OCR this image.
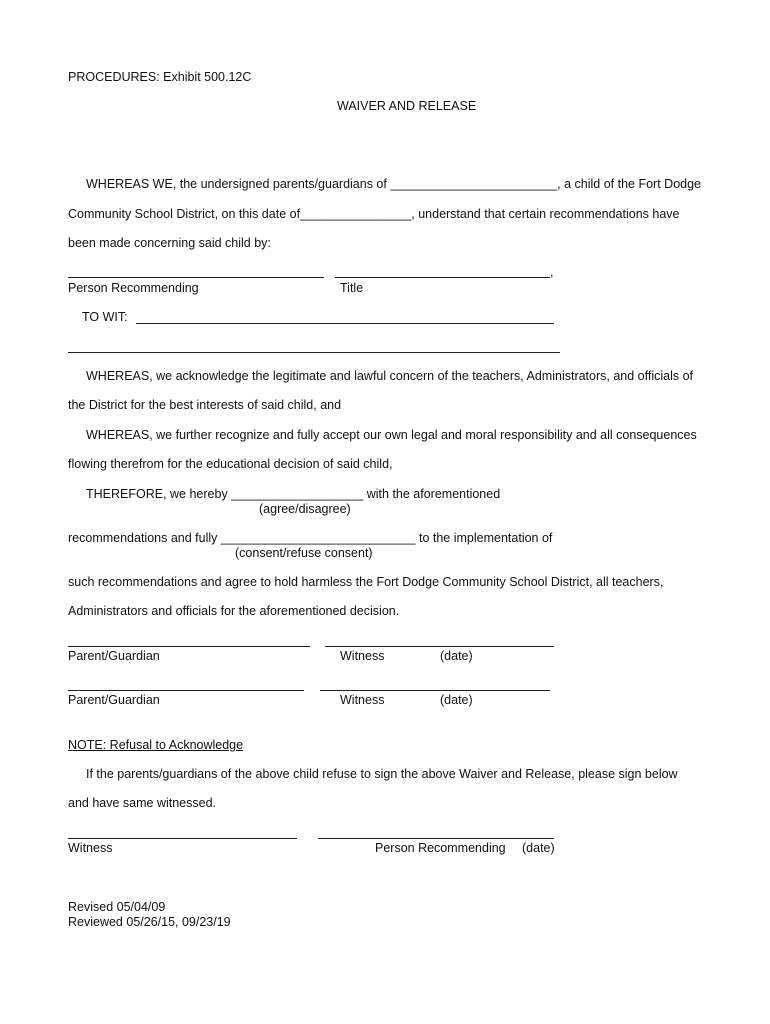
PROCEDURES: Exhibit 500.12C
WAIVER AND RELEASE
WHEREAS WE, the undersigned parents/guardians of ________________________, a child of the Fort Dodge
Community School District, on this date of________________, understand that certain recommendations have
been made concerning said child by:
,
Person Recommending	Title
TO WIT:
WHEREAS, we acknowledge the legitimate and lawful concern of the teachers, Administrators, and officials of
the District for the best interests of said child, and
WHEREAS, we further recognize and fully accept our own legal and moral responsibility and all consequences
flowing therefrom for the educational decision of said child,
THEREFORE, we hereby ___________________ with the aforementioned
(agree/disagree)
recommendations and fully ____________________________ to the implementation of
(consent/refuse consent)
such recommendations and agree to hold harmless the Fort Dodge Community School District, all teachers,
Administrators and officials for the aforementioned decision.
Parent/Guardian	Witness	(date)
Parent/Guardian	Witness	(date)
NOTE: Refusal to Acknowledge
If the parents/guardians of the above child refuse to sign the above Waiver and Release, please sign below
and have same witnessed.
Witness	Person Recommending (date)
Revised 05/04/09
Reviewed 05/26/15, 09/23/19
